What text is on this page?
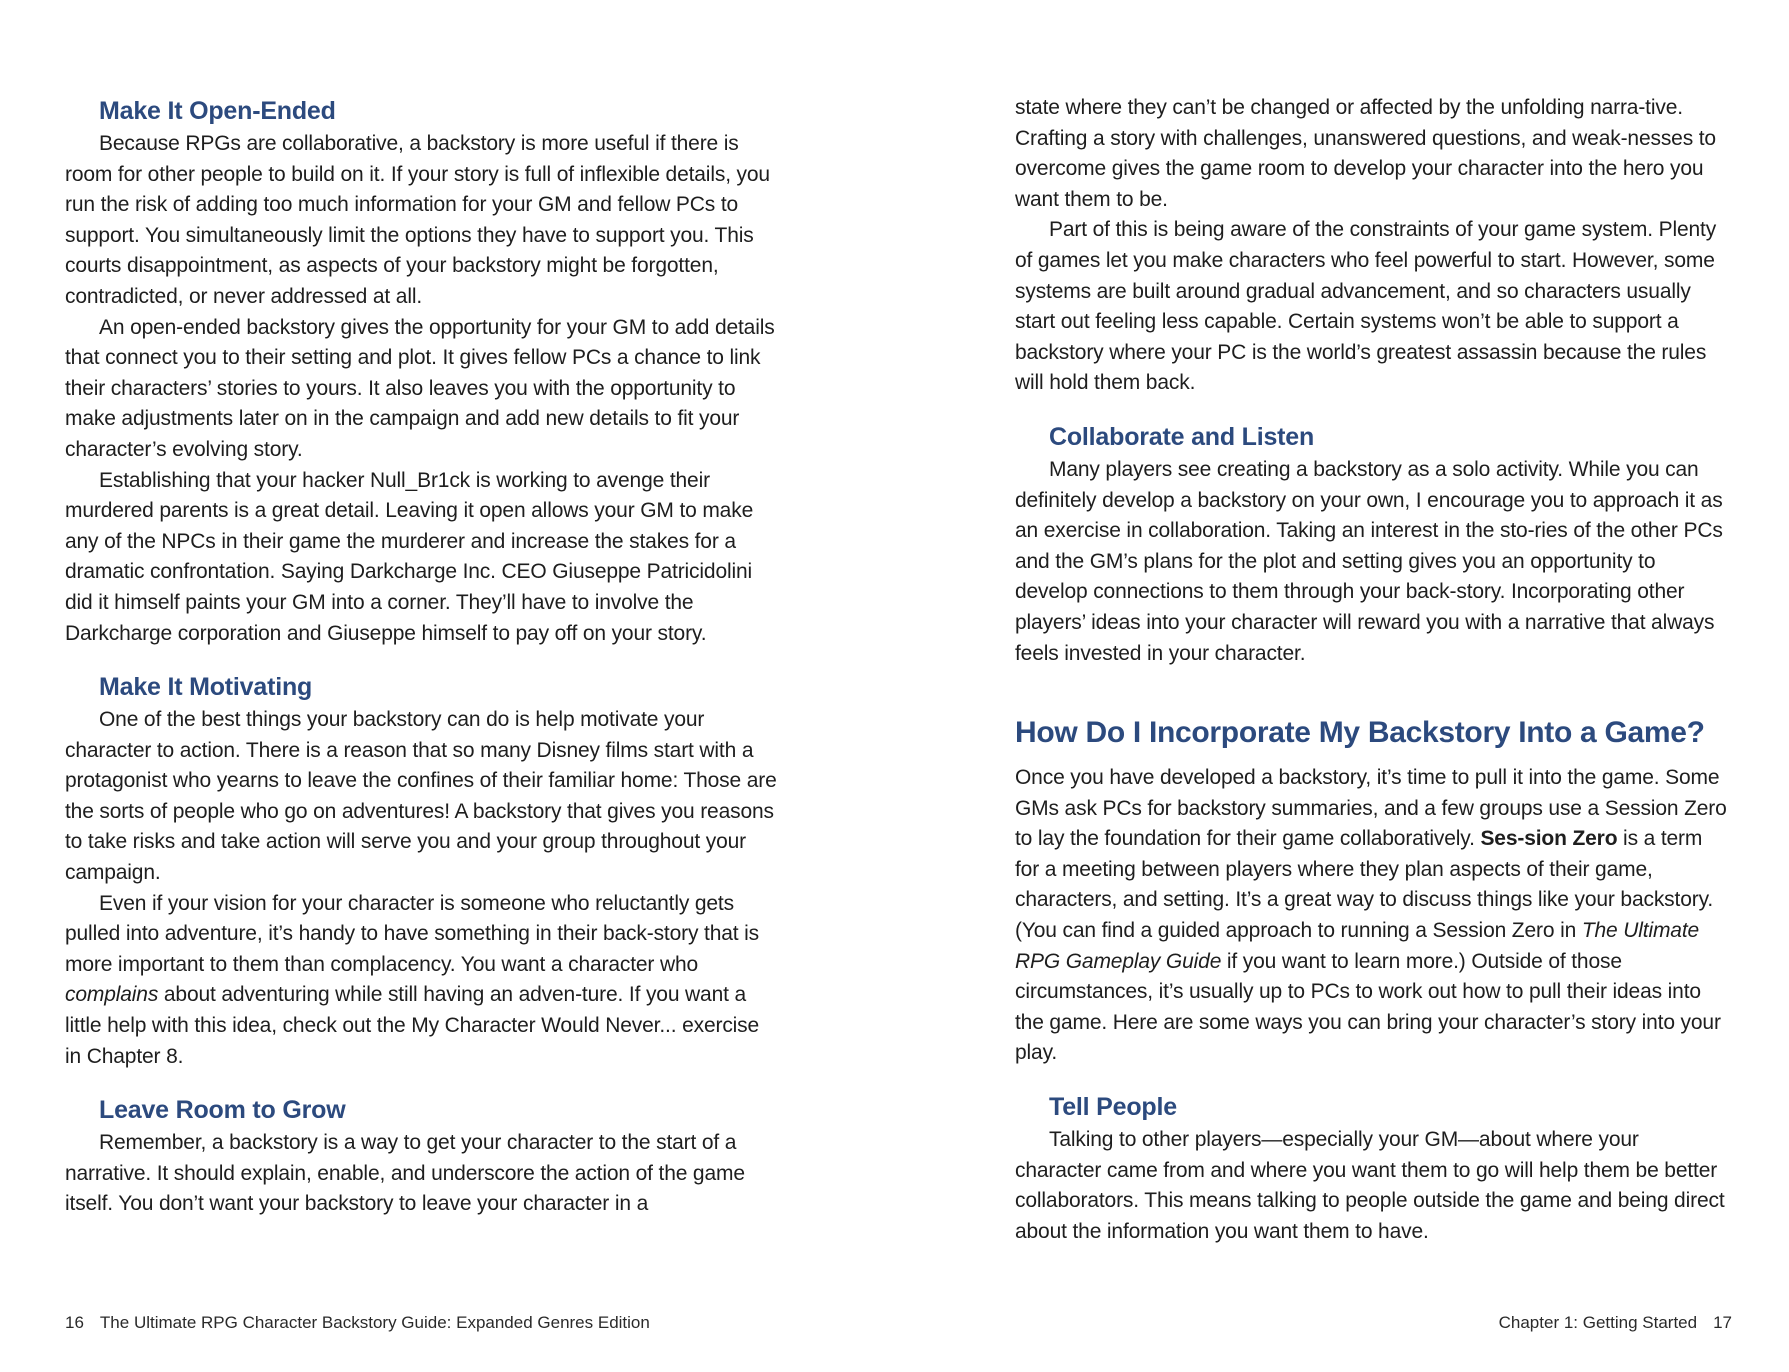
Make It Open-Ended

Because RPGs are collaborative, a backstory is more useful if there is room for other people to build on it. If your story is full of inflexible details, you run the risk of adding too much information for your GM and fellow PCs to support. You simultaneously limit the options they have to support you. This courts disappointment, as aspects of your backstory might be forgotten, contradicted, or never addressed at all.

An open-ended backstory gives the opportunity for your GM to add details that connect you to their setting and plot. It gives fellow PCs a chance to link their characters’ stories to yours. It also leaves you with the opportunity to make adjustments later on in the campaign and add new details to fit your character’s evolving story.

Establishing that your hacker Null_Br1ck is working to avenge their murdered parents is a great detail. Leaving it open allows your GM to make any of the NPCs in their game the murderer and increase the stakes for a dramatic confrontation. Saying Darkcharge Inc. CEO Giuseppe Patricidolini did it himself paints your GM into a corner. They’ll have to involve the Darkcharge corporation and Giuseppe himself to pay off on your story.

Make It Motivating

One of the best things your backstory can do is help motivate your character to action. There is a reason that so many Disney films start with a protagonist who yearns to leave the confines of their familiar home: Those are the sorts of people who go on adventures! A backstory that gives you reasons to take risks and take action will serve you and your group throughout your campaign.

Even if your vision for your character is someone who reluctantly gets pulled into adventure, it’s handy to have something in their back-story that is more important to them than complacency. You want a character who complains about adventuring while still having an adven-ture. If you want a little help with this idea, check out the My Character Would Never... exercise in Chapter 8.

Leave Room to Grow

Remember, a backstory is a way to get your character to the start of a narrative. It should explain, enable, and underscore the action of the game itself. You don’t want your backstory to leave your character in a

state where they can’t be changed or affected by the unfolding narra-tive. Crafting a story with challenges, unanswered questions, and weak-nesses to overcome gives the game room to develop your character into the hero you want them to be.

Part of this is being aware of the constraints of your game system. Plenty of games let you make characters who feel powerful to start. However, some systems are built around gradual advancement, and so characters usually start out feeling less capable. Certain systems won’t be able to support a backstory where your PC is the world’s greatest assassin because the rules will hold them back.

Collaborate and Listen

Many players see creating a backstory as a solo activity. While you can definitely develop a backstory on your own, I encourage you to approach it as an exercise in collaboration. Taking an interest in the sto-ries of the other PCs and the GM’s plans for the plot and setting gives you an opportunity to develop connections to them through your back-story. Incorporating other players’ ideas into your character will reward you with a narrative that always feels invested in your character.

How Do I Incorporate My Backstory Into a Game?

Once you have developed a backstory, it’s time to pull it into the game. Some GMs ask PCs for backstory summaries, and a few groups use a Session Zero to lay the foundation for their game collaboratively. Ses-sion Zero is a term for a meeting between players where they plan aspects of their game, characters, and setting. It’s a great way to discuss things like your backstory. (You can find a guided approach to running a Session Zero in The Ultimate RPG Gameplay Guide if you want to learn more.) Outside of those circumstances, it’s usually up to PCs to work out how to pull their ideas into the game. Here are some ways you can bring your character’s story into your play.

Tell People

Talking to other players—especially your GM—about where your character came from and where you want them to go will help them be better collaborators. This means talking to people outside the game and being direct about the information you want them to have.

16 The Ultimate RPG Character Backstory Guide: Expanded Genres Edition	Chapter 1: Getting Started 17
